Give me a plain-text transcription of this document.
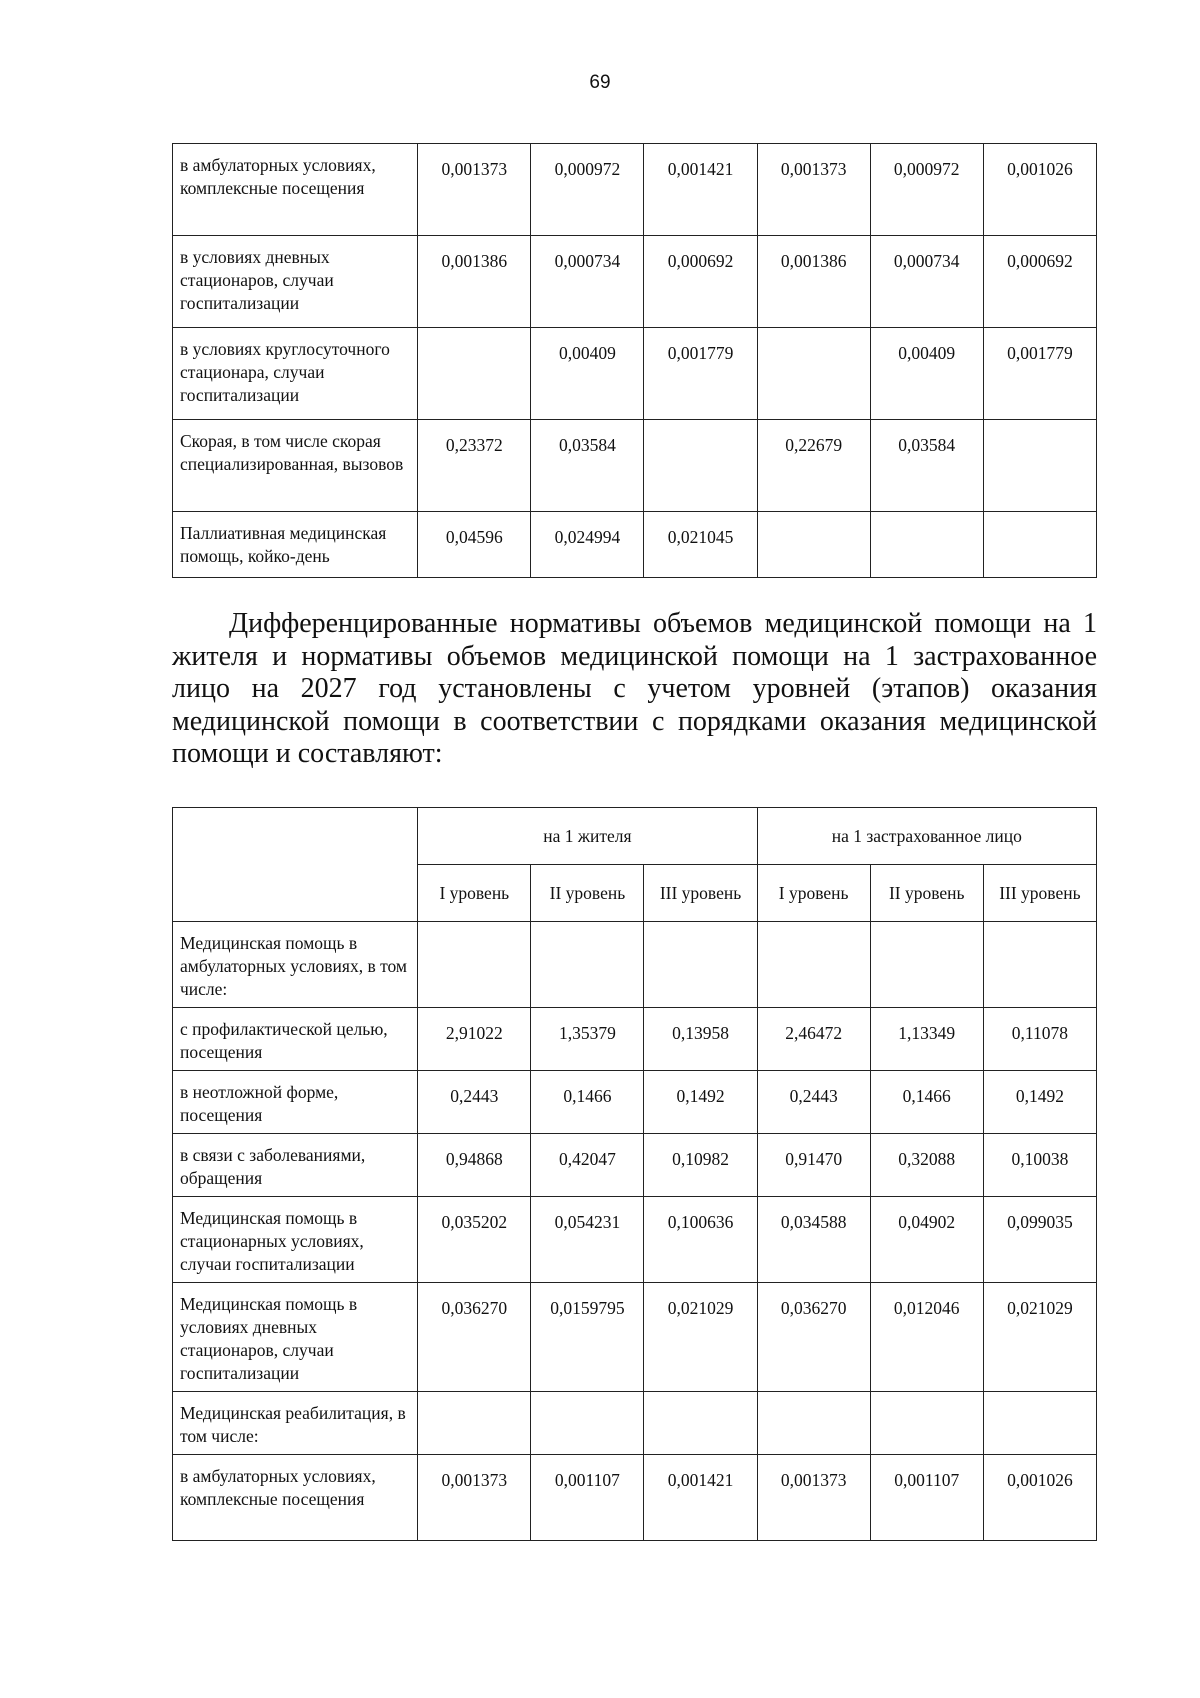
69
в амбулаторных условиях, комплексные посещения	0,001373	0,000972	0,001421	0,001373	0,000972	0,001026
в условиях дневных стационаров, случаи госпитализации	0,001386	0,000734	0,000692	0,001386	0,000734	0,000692
в условиях круглосуточного стационара, случаи госпитализации		0,00409	0,001779		0,00409	0,001779
Скорая, в том числе скорая специализированная, вызовов	0,23372	0,03584		0,22679	0,03584	
Паллиативная медицинская помощь, койко-день	0,04596	0,024994	0,021045			

Дифференцированные нормативы объемов медицинской помощи на 1 жителя и нормативы объемов медицинской помощи на 1 застрахованное лицо на 2027 год установлены с учетом уровней (этапов) оказания медицинской помощи в соответствии с порядками оказания медицинской помощи и составляют:

	на 1 жителя			на 1 застрахованное лицо		
	I уровень	II уровень	III уровень	I уровень	II уровень	III уровень
Медицинская помощь в амбулаторных условиях, в том числе:						
с профилактической целью, посещения	2,91022	1,35379	0,13958	2,46472	1,13349	0,11078
в неотложной форме, посещения	0,2443	0,1466	0,1492	0,2443	0,1466	0,1492
в связи с заболеваниями, обращения	0,94868	0,42047	0,10982	0,91470	0,32088	0,10038
Медицинская помощь в стационарных условиях, случаи госпитализации	0,035202	0,054231	0,100636	0,034588	0,04902	0,099035
Медицинская помощь в условиях дневных стационаров, случаи госпитализации	0,036270	0,0159795	0,021029	0,036270	0,012046	0,021029
Медицинская реабилитация, в том числе:						
в амбулаторных условиях, комплексные посещения	0,001373	0,001107	0,001421	0,001373	0,001107	0,001026
